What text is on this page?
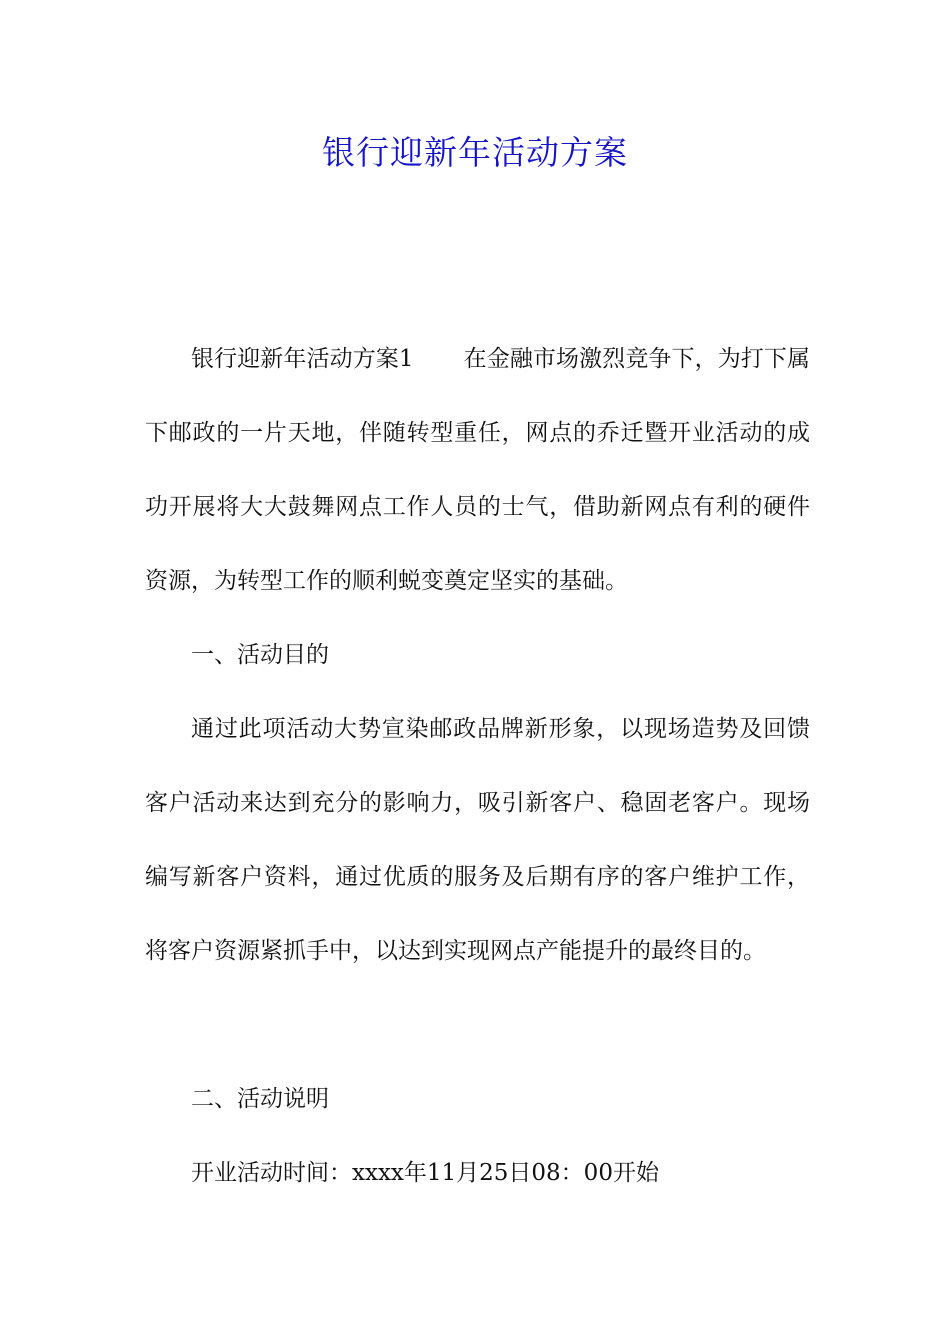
银行迎新年活动方案

银行迎新年活动方案1 在金融市场激烈竞争下，为打下属下邮政的一片天地，伴随转型重任，网点的乔迁暨开业活动的成功开展将大大鼓舞网点工作人员的士气，借助新网点有利的硬件资源，为转型工作的顺利蜕变奠定坚实的基础。

一、活动目的

通过此项活动大势宣染邮政品牌新形象，以现场造势及回馈客户活动来达到充分的影响力，吸引新客户、稳固老客户。现场编写新客户资料，通过优质的服务及后期有序的客户维护工作，将客户资源紧抓手中，以达到实现网点产能提升的最终目的。

二、活动说明

开业活动时间：xxxx年11月25日08：00开始
